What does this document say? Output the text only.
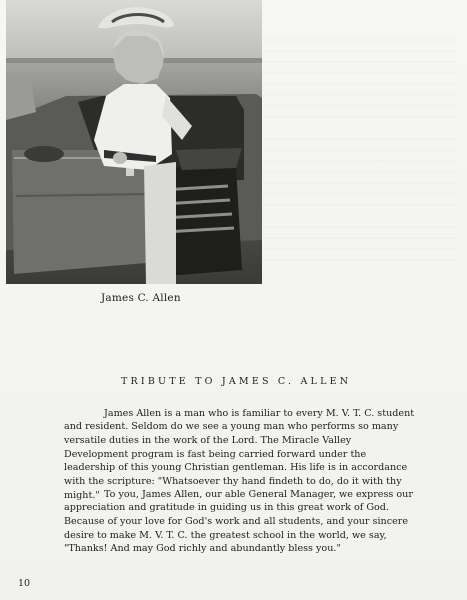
James C. Allen
TRIBUTE TO JAMES C. ALLEN

James Allen is a man who is familiar to every M. V. T. C. student and resident. Seldom do we see a young man who performs so many versatile duties in the work of the Lord. The Miracle Valley Development program is fast being carried forward under the leadership of this young Christian gentleman. His life is in accordance with the scripture: "Whatsoever thy hand findeth to do, do it with thy might." To you, James Allen, our able General Manager, we express our appreciation and gratitude in guiding us in this great work of God. Because of your love for God's work and all students, and your sincere desire to make M. V. T. C. the greatest school in the world, we say, "Thanks! And may God richly and abundantly bless you."

10
